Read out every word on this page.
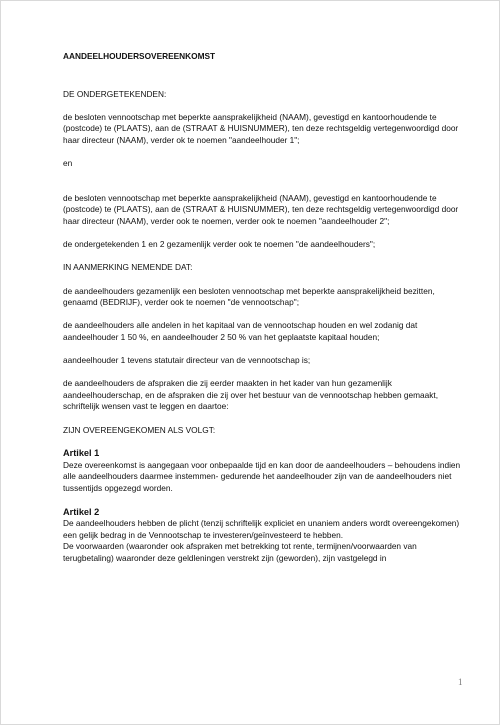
AANDEELHOUDERSOVEREENKOMST

DE ONDERGETEKENDEN:

de besloten vennootschap met beperkte aansprakelijkheid (NAAM), gevestigd en kantoorhoudende te (postcode) te (PLAATS), aan de (STRAAT & HUISNUMMER), ten deze rechtsgeldig vertegenwoordigd door haar directeur (NAAM), verder ok te noemen "aandeelhouder 1";

en

de besloten vennootschap met beperkte aansprakelijkheid (NAAM), gevestigd en kantoorhoudende te (postcode) te (PLAATS), aan de (STRAAT & HUISNUMMER), ten deze rechtsgeldig vertegenwoordigd door haar directeur (NAAM), verder ook te noemen, verder ook te noemen "aandeelhouder 2";

de ondergetekenden 1 en 2 gezamenlijk verder ook te noemen "de aandeelhouders";

IN AANMERKING NEMENDE DAT:

de aandeelhouders gezamenlijk een besloten vennootschap met beperkte aansprakelijkheid bezitten, genaamd (BEDRIJF), verder ook te noemen "de vennootschap";

de aandeelhouders alle andelen in het kapitaal van de vennootschap houden en wel zodanig dat aandeelhouder 1 50 %, en aandeelhouder 2 50 % van het geplaatste kapitaal houden;

aandeelhouder 1 tevens statutair directeur van de vennootschap is;

de aandeelhouders de afspraken die zij eerder maakten in het kader van hun gezamenlijk aandeelhouderschap, en de afspraken die zij over het bestuur van de vennootschap hebben gemaakt, schriftelijk wensen vast te leggen en daartoe:

ZIJN OVEREENGEKOMEN ALS VOLGT:

Artikel 1

Deze overeenkomst is aangegaan voor onbepaalde tijd en kan door de aandeelhouders – behoudens indien alle aandeelhouders daarmee instemmen- gedurende het aandeelhouder zijn van de aandeelhouders niet tussentijds opgezegd worden.

Artikel 2
De aandeelhouders hebben de plicht (tenzij schriftelijk expliciet en unaniem anders wordt overeengekomen) een gelijk bedrag in de Vennootschap te investeren/geïnvesteerd te hebben.
De voorwaarden (waaronder ook afspraken met betrekking tot rente, termijnen/voorwaarden van terugbetaling) waaronder deze geldleningen verstrekt zijn (geworden), zijn vastgelegd in
1
